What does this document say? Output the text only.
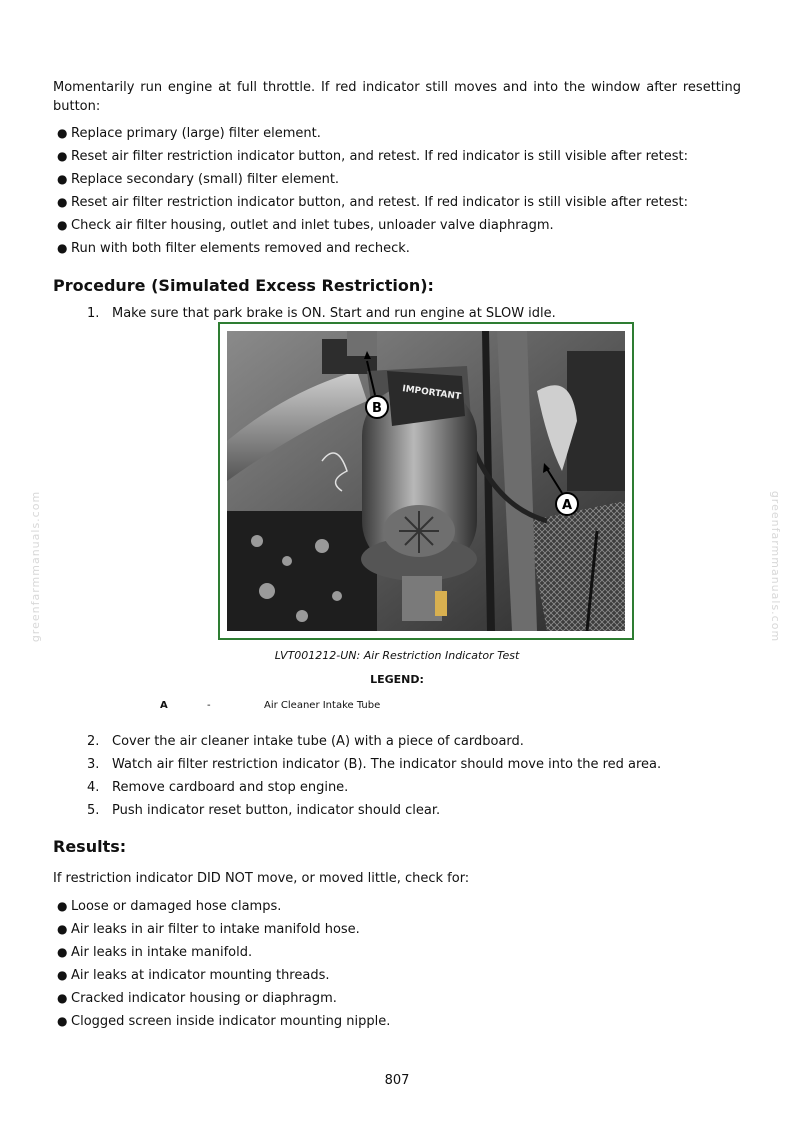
greenfarmmanuals.com	greenfarmmanuals.com

Momentarily run engine at full throttle. If red indicator still moves and into the window after resetting button:

● Replace primary (large) filter element.
● Reset air filter restriction indicator button, and retest. If red indicator is still visible after retest:
● Replace secondary (small) filter element.
● Reset air filter restriction indicator button, and retest. If red indicator is still visible after retest:
● Check air filter housing, outlet and inlet tubes, unloader valve diaphragm.
● Run with both filter elements removed and recheck.
Procedure (Simulated Excess Restriction):
1. Make sure that park brake is ON. Start and run engine at SLOW idle.
IMPORTANT
B
A
LVT001212-UN: Air Restriction Indicator Test
LEGEND:
A	-	Air Cleaner Intake Tube
2. Cover the air cleaner intake tube (A) with a piece of cardboard.
3. Watch air filter restriction indicator (B). The indicator should move into the red area.
4. Remove cardboard and stop engine.
5. Push indicator reset button, indicator should clear.
Results:

If restriction indicator DID NOT move, or moved little, check for:

● Loose or damaged hose clamps.
● Air leaks in air filter to intake manifold hose.
● Air leaks in intake manifold.
● Air leaks at indicator mounting threads.
● Cracked indicator housing or diaphragm.
● Clogged screen inside indicator mounting nipple.
807
